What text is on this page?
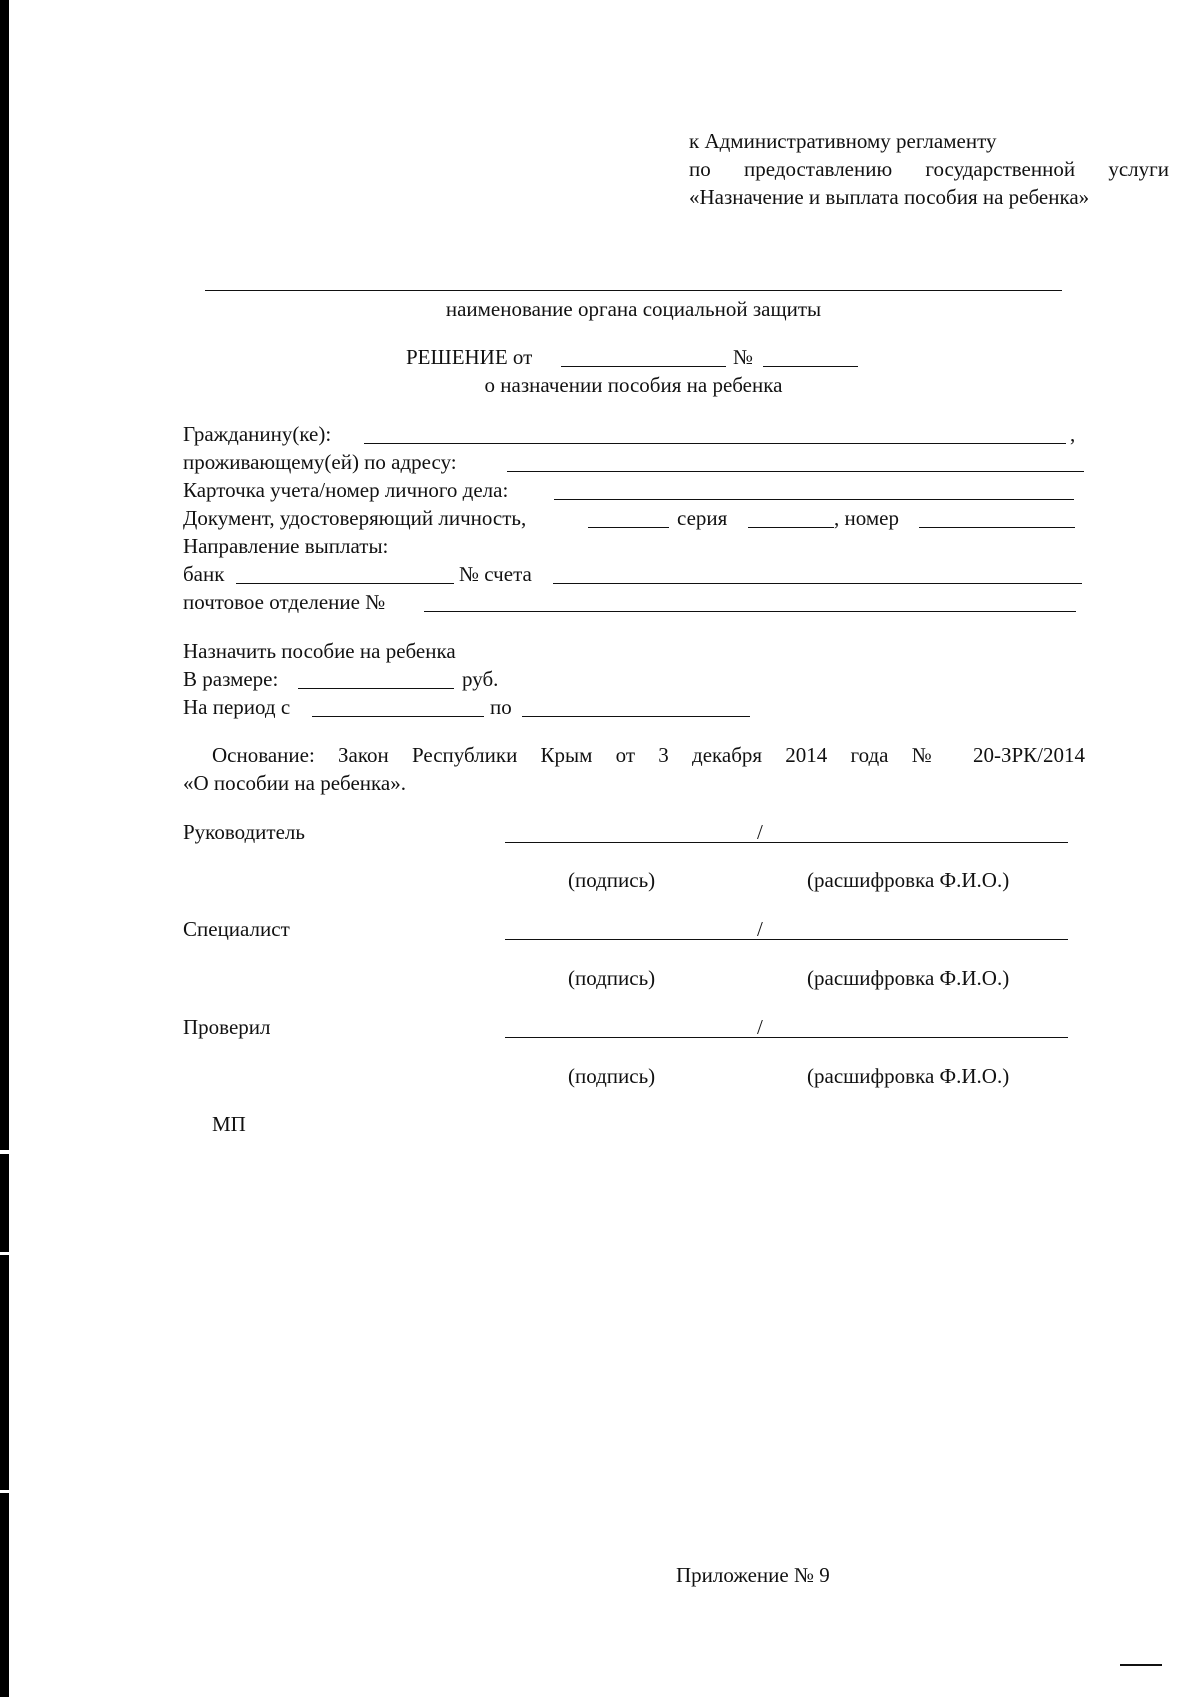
к Административному регламенту
по предоставлению государственной услуги
«Назначение и выплата пособия на ребенка»
наименование органа социальной защиты
РЕШЕНИЕ от	№
о назначении пособия на ребенка
Гражданину(ке):	,
проживающему(ей) по адресу:
Карточка учета/номер личного дела:
Документ, удостоверяющий личность,	серия	, номер
Направление выплаты:
банк	№ счета
почтовое отделение №
Назначить пособие на ребенка
В размере:	руб.
На период с	по
Основание: Закон Республики Крым от 3 декабря 2014 года № 20-ЗРК/2014
«О пособии на ребенка».
Руководитель	/
(подпись)	(расшифровка Ф.И.О.)
Специалист	/
(подпись)	(расшифровка Ф.И.О.)
Проверил	/
(подпись)	(расшифровка Ф.И.О.)
МП
Приложение № 9
